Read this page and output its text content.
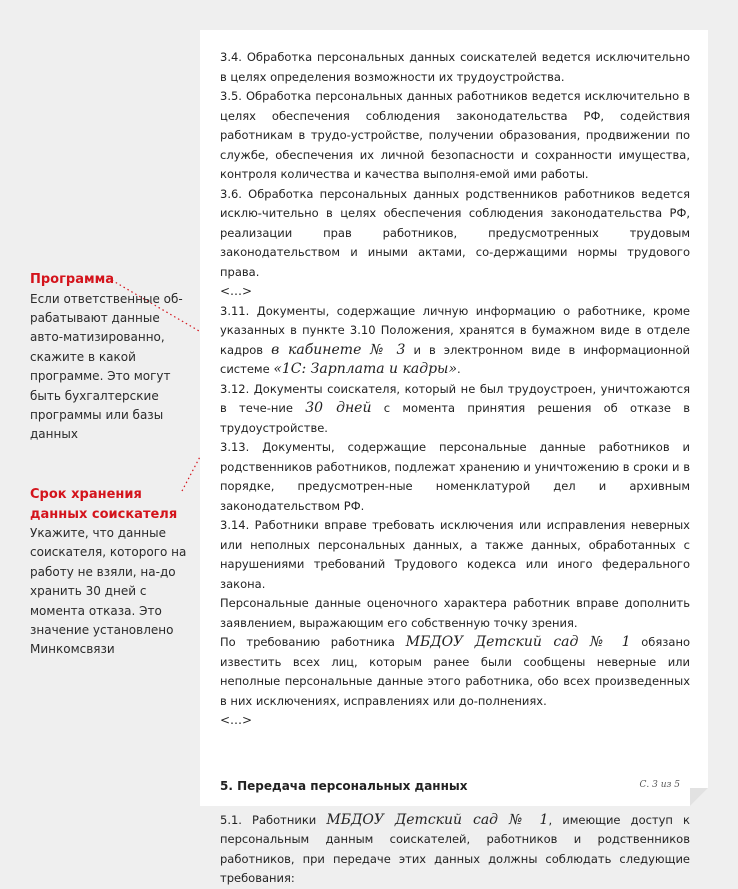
Программа
Если ответственные об-рабатывают данные авто-матизированно, скажите в какой программе. Это могут быть бухгалтерские программы или базы данных
Срок хранения данных соискателя
Укажите, что данные соискателя, которого на работу не взяли, на-до хранить 30 дней с момента отказа. Это значение установлено Минкомсвязи

3.4. Обработка персональных данных соискателей ведется исключительно в целях определения возможности их трудоустройства.

3.5. Обработка персональных данных работников ведется исключительно в целях обеспечения соблюдения законодательства РФ, содействия работникам в трудо-устройстве, получении образования, продвижении по службе, обеспечения их личной безопасности и сохранности имущества, контроля количества и качества выполня-емой ими работы.

3.6. Обработка персональных данных родственников работников ведется исклю-чительно в целях обеспечения соблюдения законодательства РФ, реализации прав работников, предусмотренных трудовым законодательством и иными актами, со-держащими нормы трудового права.

<…>

3.11. Документы, содержащие личную информацию о работнике, кроме указанных в пункте 3.10 Положения, хранятся в бумажном виде в отделе кадров в кабинете № 3 и в электронном виде в информационной системе «1С: Зарплата и кадры».

3.12. Документы соискателя, который не был трудоустроен, уничтожаются в тече-ние 30 дней с момента принятия решения об отказе в трудоустройстве.

3.13. Документы, содержащие персональные данные работников и родственников работников, подлежат хранению и уничтожению в сроки и в порядке, предусмотрен-ные номенклатурой дел и архивным законодательством РФ.

3.14. Работники вправе требовать исключения или исправления неверных или неполных персональных данных, а также данных, обработанных с нарушениями требований Трудового кодекса или иного федерального закона.

Персональные данные оценочного характера работник вправе дополнить заявлением, выражающим его собственную точку зрения.

По требованию работника МБДОУ Детский сад № 1 обязано известить всех лиц, которым ранее были сообщены неверные или неполные персональные данные этого работника, обо всех произведенных в них исключениях, исправлениях или до-полнениях.

<…>

5. Передача персональных данных

5.1. Работники МБДОУ Детский сад № 1, имеющие доступ к персональным данным соискателей, работников и родственников работников, при передаче этих данных должны соблюдать следующие требования:

С. 3 из 5
